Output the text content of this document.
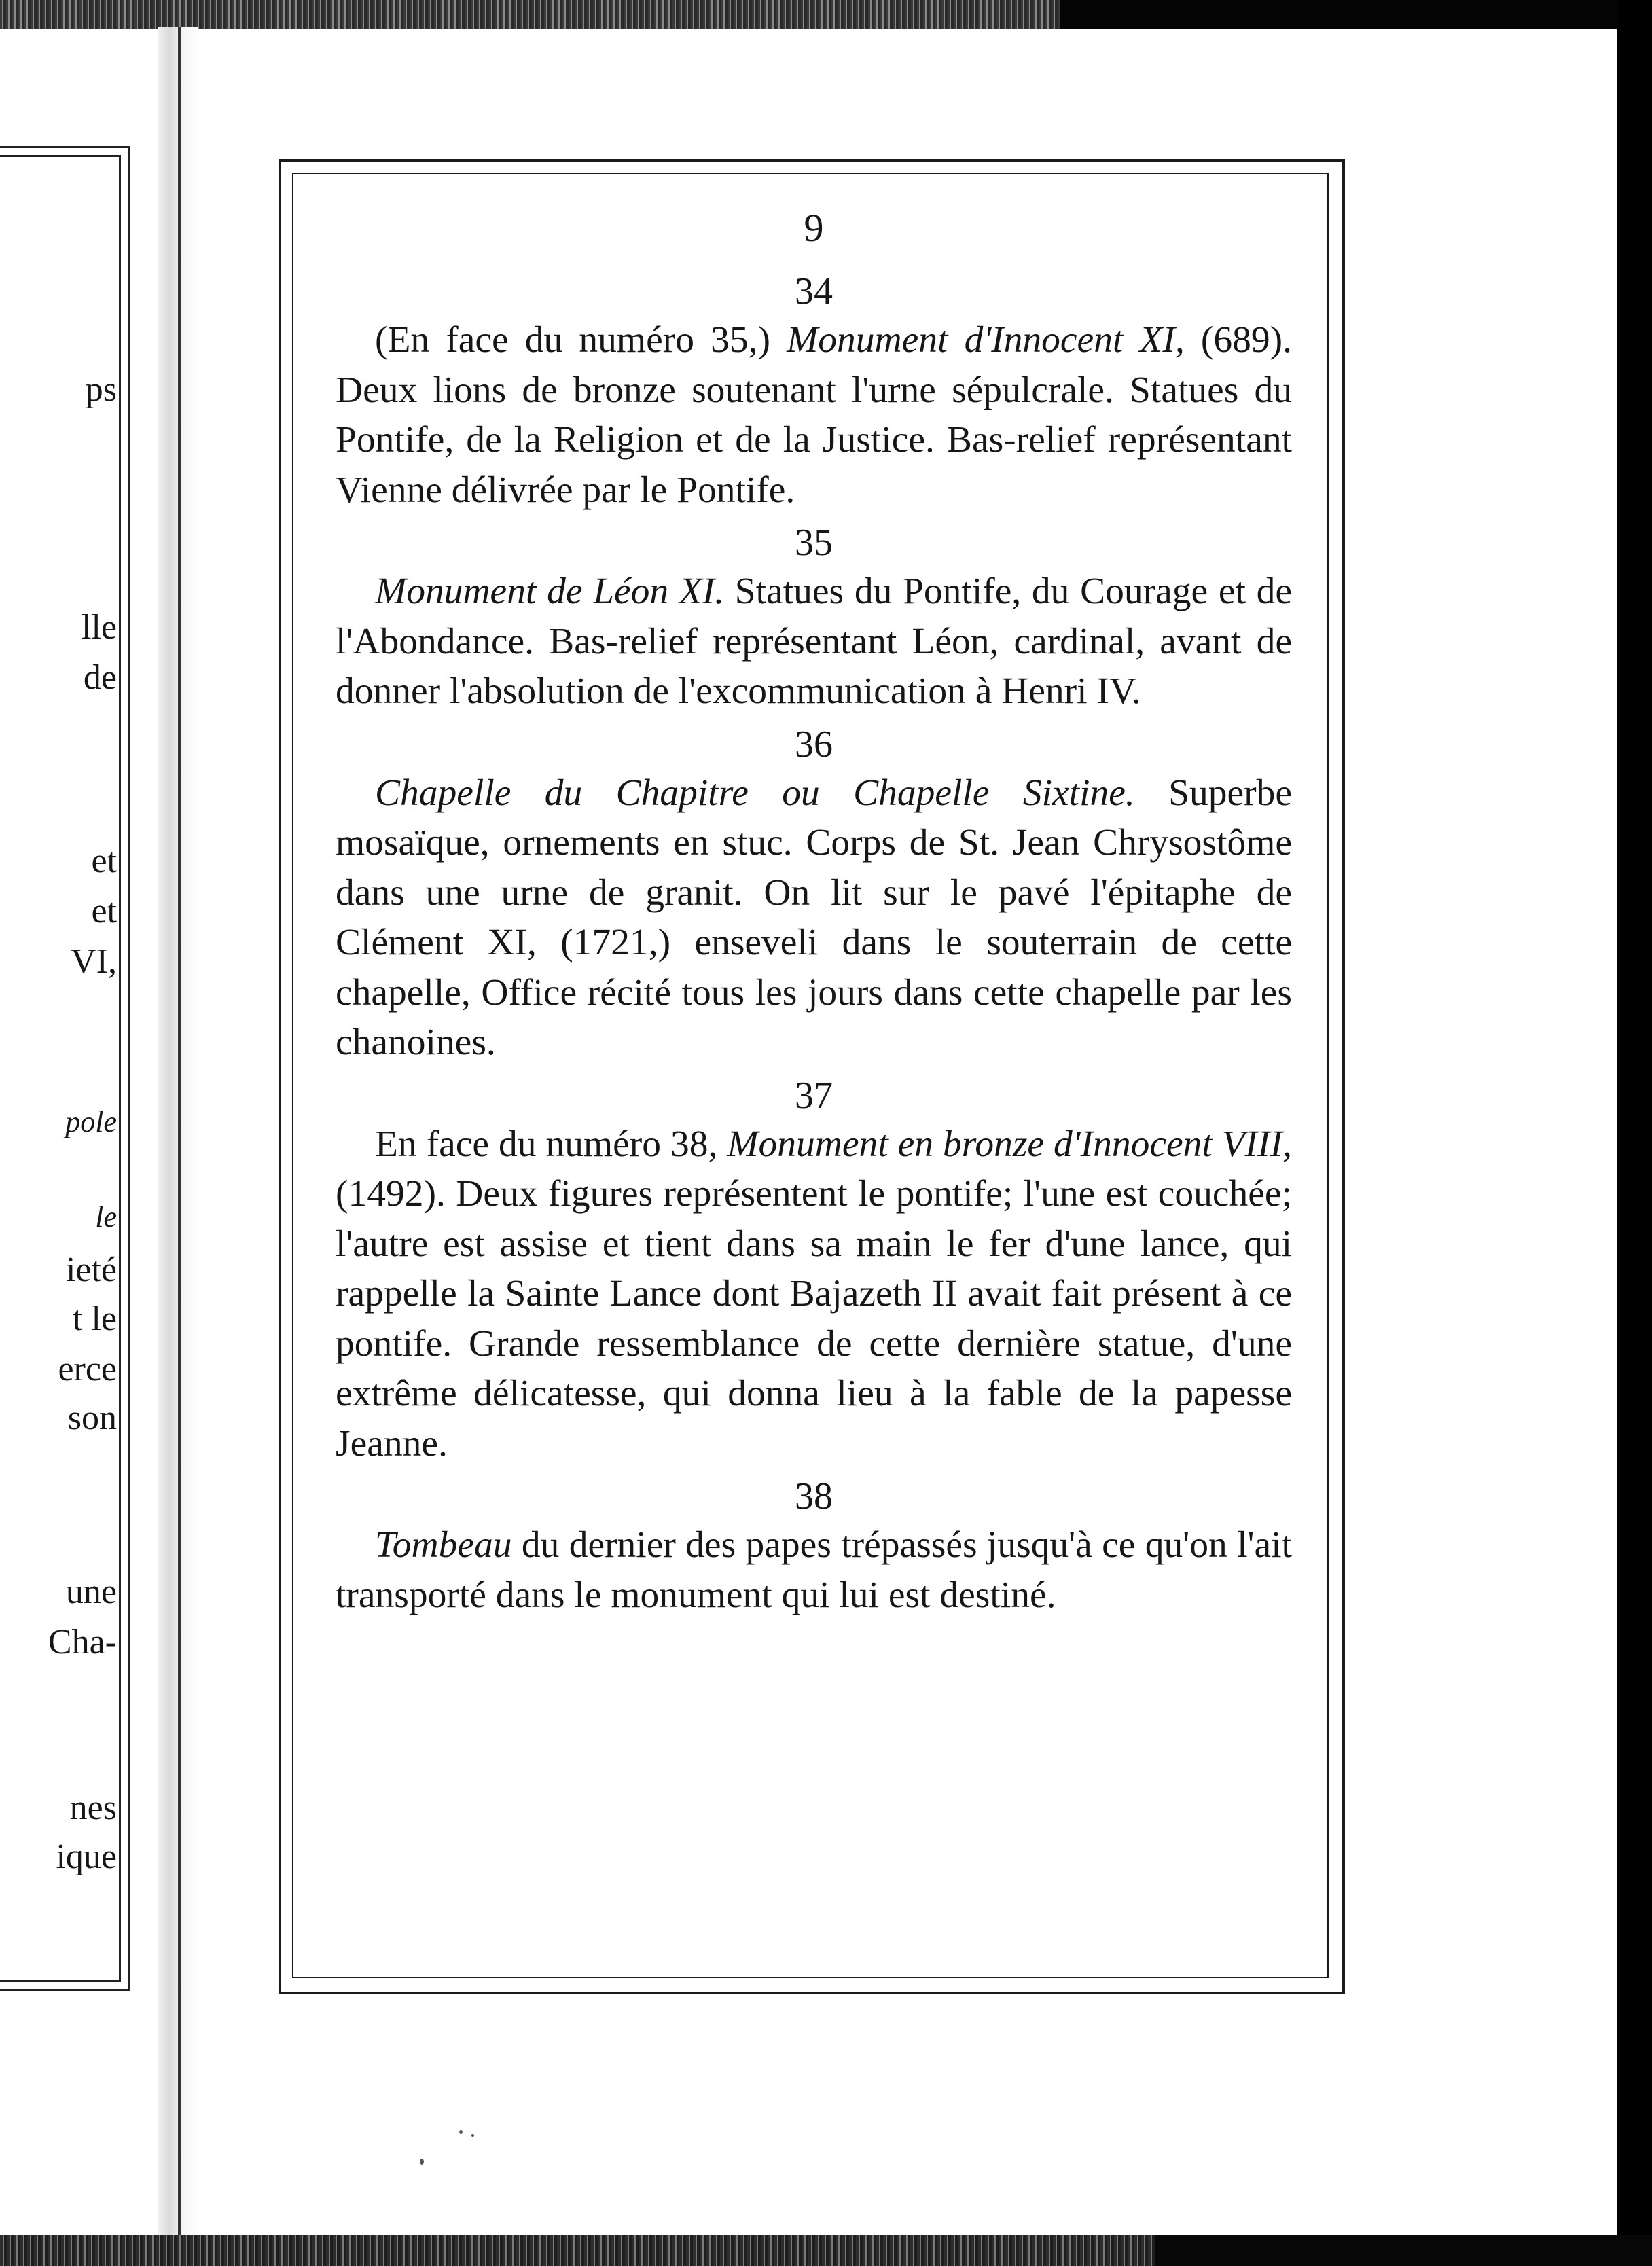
ps
lle
de
et
et
VI,
pole
le
ieté
t le
erce
son
une
Cha-
nes
ique
9
34

(En face du numéro 35,) Monument d'Innocent XI, (689). Deux lions de bronze soutenant l'urne sépulcrale. Statues du Pontife, de la Religion et de la Justice. Bas-relief représentant Vienne délivrée par le Pontife.

35

Monument de Léon XI. Statues du Pontife, du Courage et de l'Abondance. Bas-relief représentant Léon, cardinal, avant de donner l'absolution de l'excommunication à Henri IV.

36

Chapelle du Chapitre ou Chapelle Sixtine. Superbe mosaïque, ornements en stuc. Corps de St. Jean Chrysostôme dans une urne de granit. On lit sur le pavé l'épitaphe de Clément XI, (1721,) enseveli dans le souterrain de cette chapelle, Office récité tous les jours dans cette chapelle par les chanoines.

37

En face du numéro 38, Monument en bronze d'Innocent VIII, (1492). Deux figures représentent le pontife; l'une est couchée; l'autre est assise et tient dans sa main le fer d'une lance, qui rappelle la Sainte Lance dont Bajazeth II avait fait présent à ce pontife. Grande ressemblance de cette dernière statue, d'une extrême délicatesse, qui donna lieu à la fable de la papesse Jeanne.

38

Tombeau du dernier des papes trépassés jusqu'à ce qu'on l'ait transporté dans le monument qui lui est destiné.
